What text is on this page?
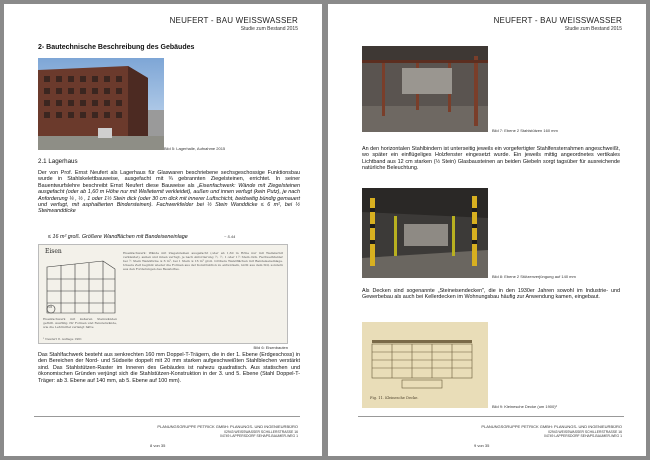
NEUFERT - BAU WEISSWASSER
Studie zum Bestand 2015
2- Bautechnische Beschreibung des Gebäudes
Bild 5: Lagerhalle, Aufnahme 2015
2.1 Lagerhaus
Der von Prof. Ernst Neufert als Lagerhaus für Glaswaren beschriebene sechsgeschossige Funktionsbau wurde in Stahlskelettbauweise, ausgefacht mit ¾ gebrannten Ziegelsteinen, errichtet. In seiner Bauentwurfslehre beschreibt Ernst Neufert diese Bauweise als „Eisenfachwerk: Wände mit Ziegelsteinen ausgefacht (oder ab 1,60 m Höhe nur mit Welleternit verkleidet), außen und innen verfugt (kein Putz), je nach Anforderung ¼ , ½ , 1 oder 1½ Stein dick (oder 30 cm dick mit innerer Luftschicht, beidseitig bündig gemauert und verfugt, mit asphaltierten Bindersteinen). Fachwerkfelder bei ½ Stein Wanddicke ≤ 6 m², bei ½ Steinwanddicke
≤ 16 m² groß. Größere Wandflächen mit Bandeiseneinlage	~ 5.44
Eisen
18
Eisenfachwerk mit äußeren Steinwänden gefüllt. Ausfüllg. für Formen und Fensterwände, wie die Lehrmittel verlangt hätte
Eisenfachwerk: Wände mit Ziegelsteinen ausgefacht (oder ab 1,60 m Höhe nur mit Welleternit verkleidet), außen und innen verfugt, je nach Anforderung ¼, ½, 1 oder 1½ Stein dick. Fachwerkfelder bei ½ Stein Wanddicke ≤ 6 m², bei 1 Stein ≤ 16 m² groß. Größere Wandflächen mit Bandeiseneinlage. Unsere Zeit beginnt wieder die Formen aus der Konstruktion zu entwickeln, nicht aus dem Stil, sondern aus den Forderungen des Baustoffes.
¹ Neufert 8. Auflage 1961
Bild 6: Eisenbauten
Das Stahlfachwerk besteht aus senkrechten 160 mm Doppel-T-Trägern, die in der 1. Ebene (Erdgeschoss) in den Bereichen der Nord- und Südseite doppelt mit 20 mm starken aufgeschweißten Stahlblechen verstärkt sind. Das Stahlstützen-Raster im Inneren des Gebäudes ist nahezu quadratisch. Aus statischen und ökonomischen Gründen verjüngt sich die Stahlstützen-Konstruktion in der 3. und 5. Ebene (Stahl Doppel-T-Träger: ab 3. Ebene auf 140 mm, ab 5. Ebene auf 100 mm).
PLANUNGSGRUPPE PETRICK GMBH: PLANUNGS- UND INGENIEURBÜRO
02943 WEISSWASSER SCHILLERSTRASSE 16
04749 LAPPERSDORF SEHAPS-BAUMER-WEG 1
8 von 35
NEUFERT - BAU WEISSWASSER
Studie zum Bestand 2015
Bild 7: Ebene 2 Stahlstützen 160 mm
An den horizontalen Stahlbindern ist unterseitig jeweils ein vorgefertigter Stahlfensterrahmen angeschweißt, wo später ein einflügeliges Holzfenster eingesetzt wurde. Ein jeweils mittig angeordnetes vertikales Lichtband aus 12 cm starken (½ Stein) Glasbausteinen an beiden Giebeln sorgt tagsüber für ausreichende natürliche Beleuchtung.
Bild 8: Ebene 2 Stützenverjüngung auf 140 mm
Als Decken sind sogenannte „Steineisendecken", die in den 1930er Jahren sowohl im Industrie- und Gewerbebau als auch bei Kellerdecken im Wohnungsbau häufig zur Anwendung kamen, eingebaut.
Fig. 11. Kleinesche Decke.
Bild 9: Kleinesche Decke (um 1900)²
PLANUNGSGRUPPE PETRICK GMBH: PLANUNGS- UND INGENIEURBÜRO
02943 WEISSWASSER SCHILLERSTRASSE 16
04749 LAPPERSDORF SEHAPS-BAUMER-WEG 1
9 von 35
